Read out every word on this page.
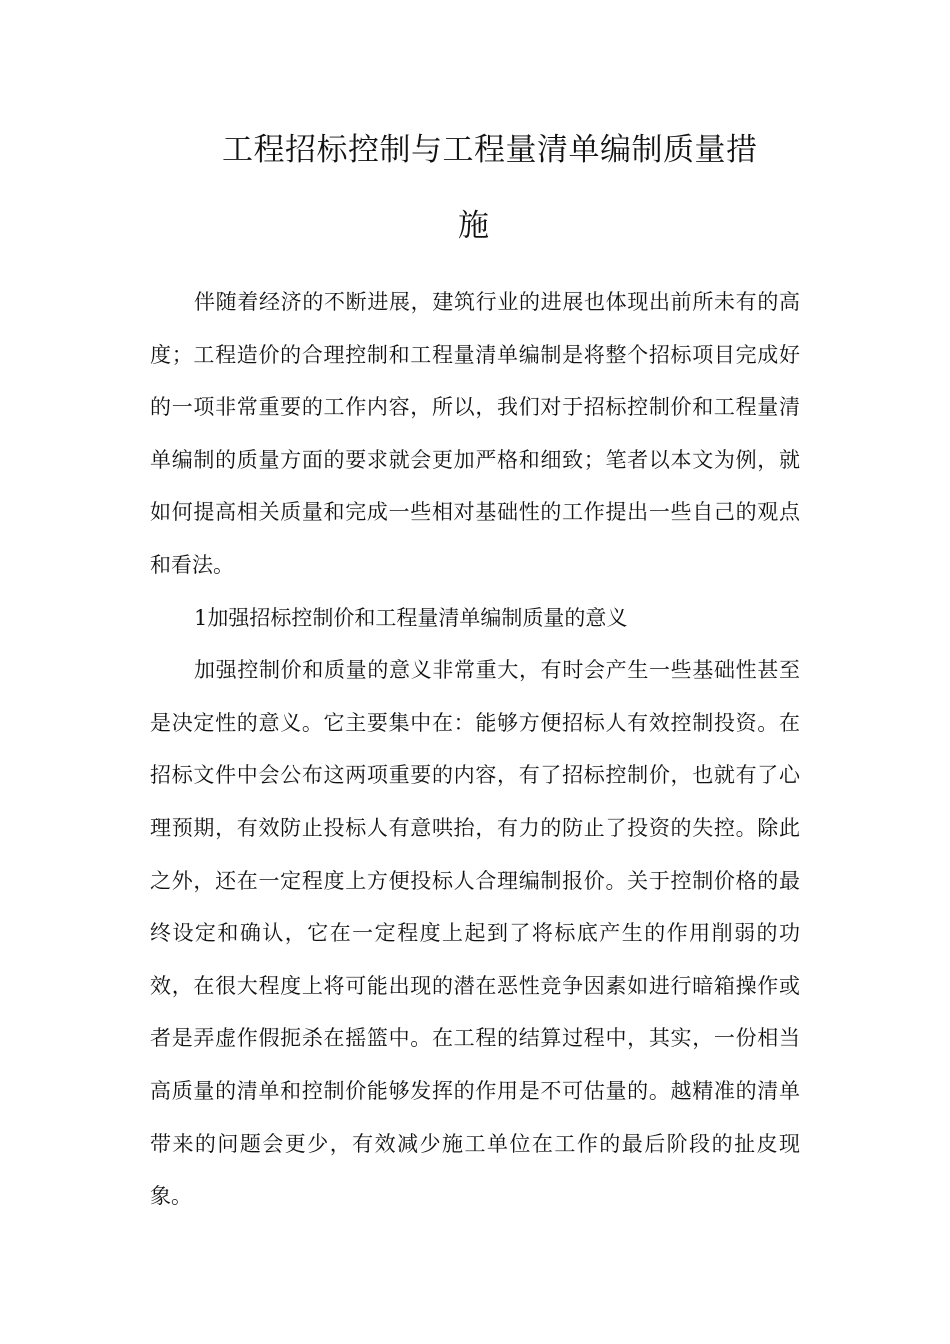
工程招标控制与工程量清单编制质量措
施

伴随着经济的不断进展，建筑行业的进展也体现出前所未有的高度；工程造价的合理控制和工程量清单编制是将整个招标项目完成好的一项非常重要的工作内容，所以，我们对于招标控制价和工程量清单编制的质量方面的要求就会更加严格和细致；笔者以本文为例，就如何提高相关质量和完成一些相对基础性的工作提出一些自己的观点和看法。

1加强招标控制价和工程量清单编制质量的意义

加强控制价和质量的意义非常重大，有时会产生一些基础性甚至是决定性的意义。它主要集中在：能够方便招标人有效控制投资。在招标文件中会公布这两项重要的内容，有了招标控制价，也就有了心理预期，有效防止投标人有意哄抬，有力的防止了投资的失控。除此之外，还在一定程度上方便投标人合理编制报价。关于控制价格的最终设定和确认，它在一定程度上起到了将标底产生的作用削弱的功效，在很大程度上将可能出现的潜在恶性竞争因素如进行暗箱操作或者是弄虚作假扼杀在摇篮中。在工程的结算过程中，其实，一份相当高质量的清单和控制价能够发挥的作用是不可估量的。越精准的清单带来的问题会更少，有效减少施工单位在工作的最后阶段的扯皮现象。
